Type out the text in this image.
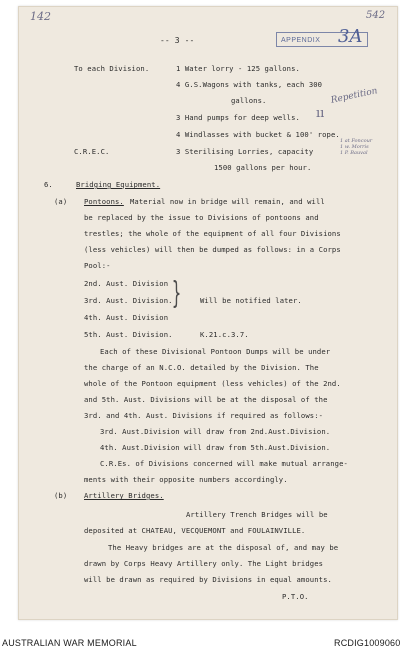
142	542
APPENDIX 3A
-- 3 --
To each Division.	1 Water lorry - 125 gallons.
4 G.S.Wagons with tanks, each 300
gallons.
3 Hand pumps for deep wells.
4 Windlasses with bucket & 100' rope.
C.R.E.C.	3 Sterilising Lorries, capacity
1500 gallons per hour.
Repetition
ıı
1 at Foncour
1 w. Morris
1 P. Bauval
6.	Bridging Equipment.
(a) Pontoons. Material now in bridge will remain, and will
be replaced by the issue to Divisions of pontoons and
trestles; the whole of the equipment of all four Divisions
(less vehicles) will then be dumped as follows: in a Corps
Pool:-
2nd. Aust. Division
3rd. Aust. Division.
4th. Aust. Division
5th. Aust. Division.
}	Will be notified later.
K.21.c.3.7.
Each of these Divisional Pontoon Dumps will be under
the charge of an N.C.O. detailed by the Division. The
whole of the Pontoon equipment (less vehicles) of the 2nd.
and 5th. Aust. Divisions will be at the disposal of the
3rd. and 4th. Aust. Divisions if required as follows:-
3rd. Aust.Division will draw from 2nd.Aust.Division.
4th. Aust.Division will draw from 5th.Aust.Division.
C.R.Es. of Divisions concerned will make mutual arrange-
ments with their opposite numbers accordingly.
(b) Artillery Bridges.
Artillery Trench Bridges will be
deposited at CHATEAU, VECQUEMONT and FOULAINVILLE.
The Heavy bridges are at the disposal of, and may be
drawn by Corps Heavy Artillery only. The Light bridges
will be drawn as required by Divisions in equal amounts.
P.T.O.
AUSTRALIAN WAR MEMORIAL	RCDIG1009060
